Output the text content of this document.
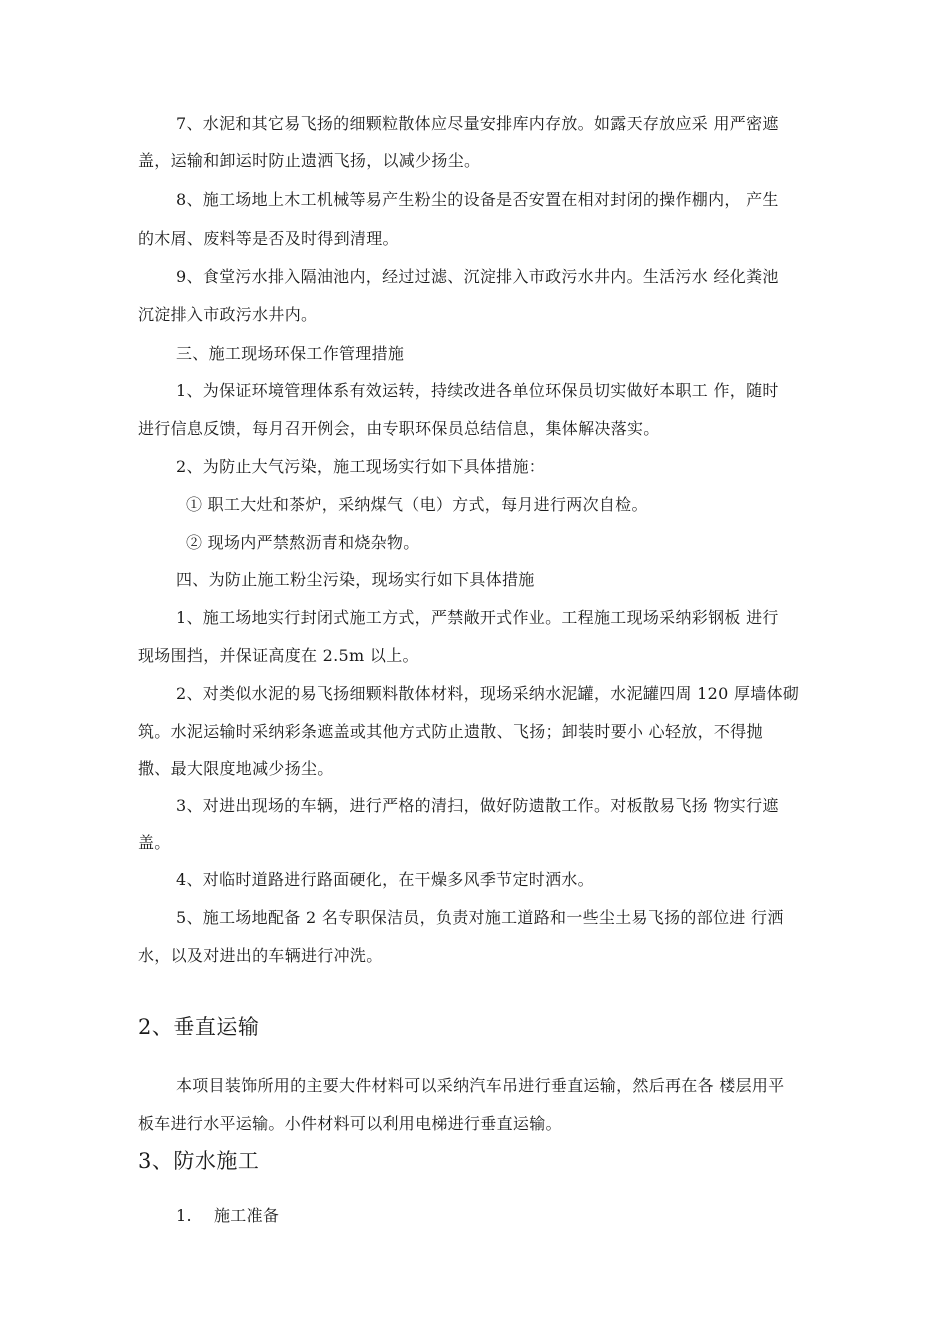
7、水泥和其它易飞扬的细颗粒散体应尽量安排库内存放。如露天存放应采 用严密遮
盖，运输和卸运时防止遗洒飞扬，以减少扬尘。
8、施工场地上木工机械等易产生粉尘的设备是否安置在相对封闭的操作棚内， 产生
的木屑、废料等是否及时得到清理。
9、食堂污水排入隔油池内，经过过滤、沉淀排入市政污水井内。生活污水 经化粪池
沉淀排入市政污水井内。
三、施工现场环保工作管理措施
1、为保证环境管理体系有效运转，持续改进各单位环保员切实做好本职工 作，随时
进行信息反馈，每月召开例会，由专职环保员总结信息，集体解决落实。
2、为防止大气污染，施工现场实行如下具体措施：
① 职工大灶和茶炉，采纳煤气（电）方式，每月进行两次自检。
② 现场内严禁熬沥青和烧杂物。
四、为防止施工粉尘污染，现场实行如下具体措施
1、施工场地实行封闭式施工方式，严禁敞开式作业。工程施工现场采纳彩钢板 进行
现场围挡，并保证高度在 2.5m 以上。
2、对类似水泥的易飞扬细颗料散体材料，现场采纳水泥罐，水泥罐四周 120 厚墙体砌
筑。水泥运输时采纳彩条遮盖或其他方式防止遗散、飞扬；卸装时要小 心轻放，不得抛
撒、最大限度地减少扬尘。
3、对进出现场的车辆，进行严格的清扫，做好防遗散工作。对板散易飞扬 物实行遮
盖。
4、对临时道路进行路面硬化，在干燥多风季节定时洒水。
5、施工场地配备 2 名专职保洁员，负责对施工道路和一些尘土易飞扬的部位进 行洒
水，以及对进出的车辆进行冲洗。
2、垂直运输
本项目装饰所用的主要大件材料可以采纳汽车吊进行垂直运输，然后再在各 楼层用平
板车进行水平运输。小件材料可以利用电梯进行垂直运输。
3、防水施工
1. 施工准备
